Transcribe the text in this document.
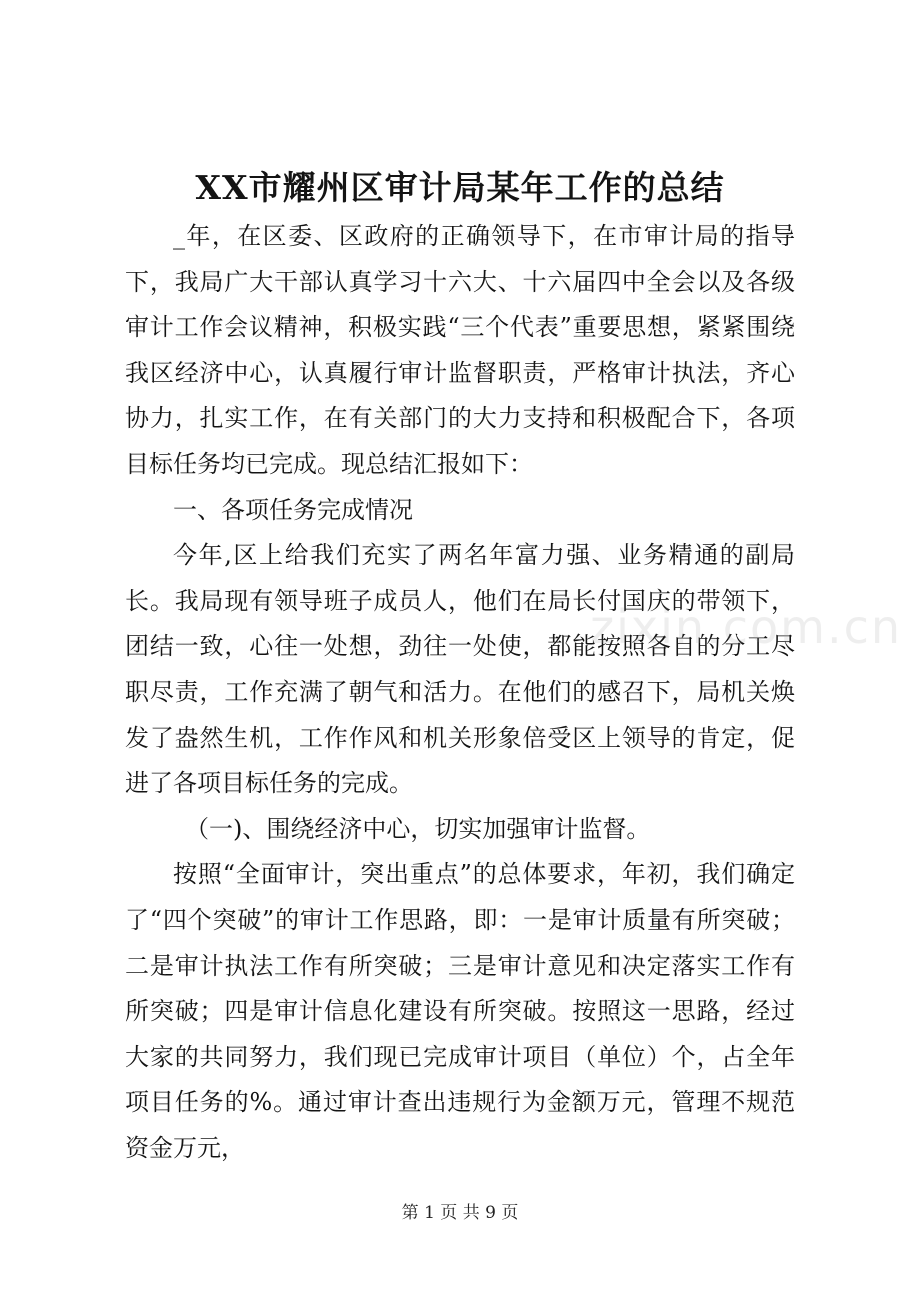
XX市耀州区审计局某年工作的总结

_年，在区委、区政府的正确领导下，在市审计局的指导下，我局广大干部认真学习十六大、十六届四中全会以及各级审计工作会议精神，积极实践“三个代表”重要思想，紧紧围绕我区经济中心，认真履行审计监督职责，严格审计执法，齐心协力，扎实工作，在有关部门的大力支持和积极配合下，各项目标任务均已完成。现总结汇报如下：

一、各项任务完成情况

今年,区上给我们充实了两名年富力强、业务精通的副局长。我局现有领导班子成员人，他们在局长付国庆的带领下，团结一致，心往一处想，劲往一处使，都能按照各自的分工尽职尽责，工作充满了朝气和活力。在他们的感召下，局机关焕发了盎然生机，工作作风和机关形象倍受区上领导的肯定，促进了各项目标任务的完成。

（一)、围绕经济中心，切实加强审计监督。

按照“全面审计，突出重点”的总体要求，年初，我们确定了“四个突破”的审计工作思路，即：一是审计质量有所突破；二是审计执法工作有所突破；三是审计意见和决定落实工作有所突破；四是审计信息化建设有所突破。按照这一思路，经过大家的共同努力，我们现已完成审计项目（单位）个，占全年项目任务的%。通过审计查出违规行为金额万元，管理不规范资金万元，

zixin.com.cn
第 1 页 共 9 页
